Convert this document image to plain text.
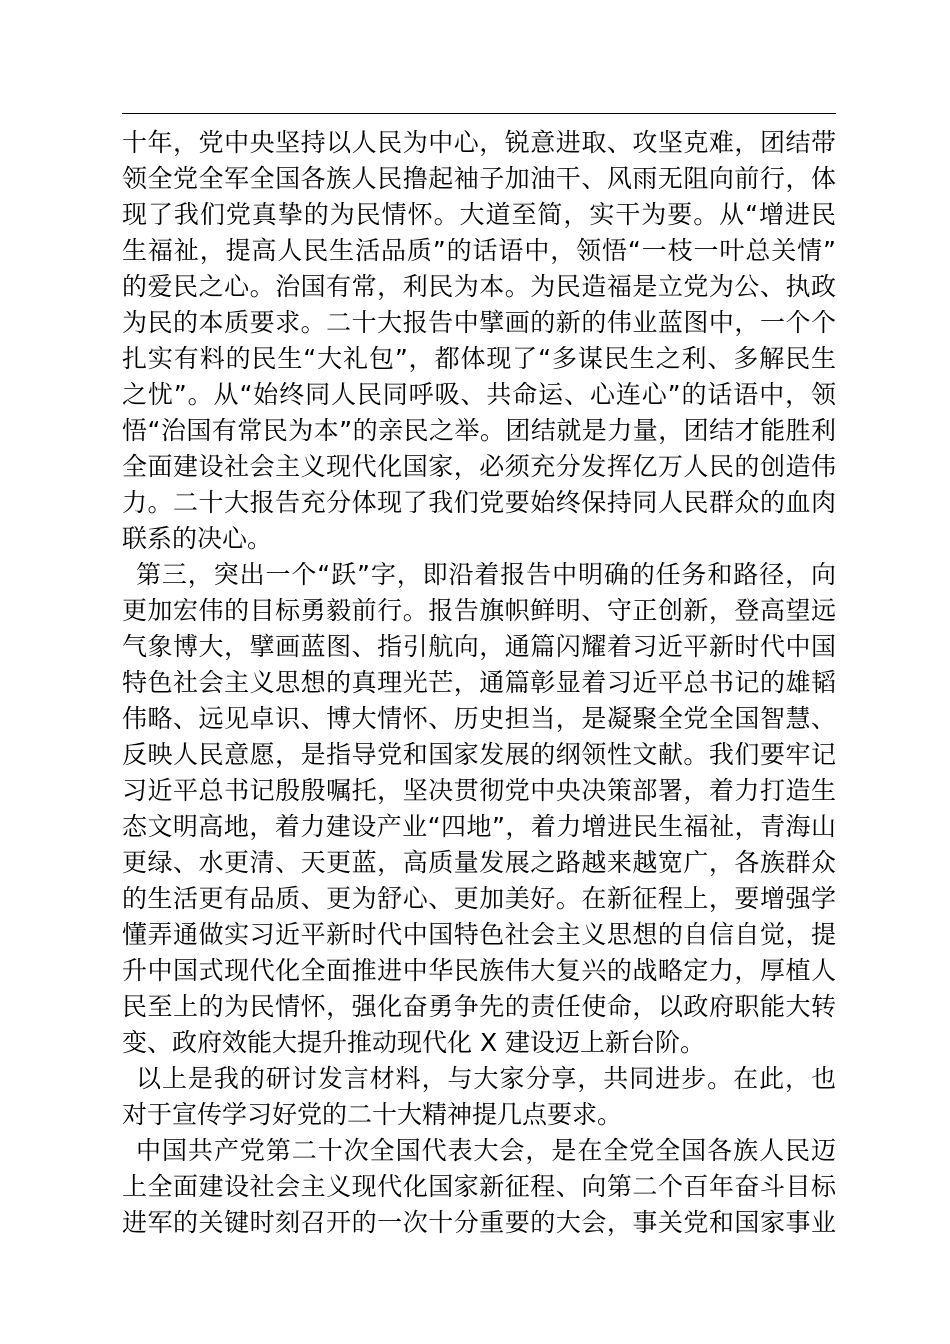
十年，党中央坚持以人民为中心，锐意进取、攻坚克难，团结带
领全党全军全国各族人民撸起袖子加油干、风雨无阻向前行，体
现了我们党真挚的为民情怀。大道至简，实干为要。从“增进民
生福祉，提高人民生活品质”的话语中，领悟“一枝一叶总关情”
的爱民之心。治国有常，利民为本。为民造福是立党为公、执政
为民的本质要求。二十大报告中擘画的新的伟业蓝图中，一个个
扎实有料的民生“大礼包”，都体现了“多谋民生之利、多解民生
之忧”。从“始终同人民同呼吸、共命运、心连心”的话语中，领
悟“治国有常民为本”的亲民之举。团结就是力量，团结才能胜利
全面建设社会主义现代化国家，必须充分发挥亿万人民的创造伟
力。二十大报告充分体现了我们党要始终保持同人民群众的血肉
联系的决心。
第三，突出一个“跃”字，即沿着报告中明确的任务和路径，向
更加宏伟的目标勇毅前行。报告旗帜鲜明、守正创新，登高望远
气象博大，擘画蓝图、指引航向，通篇闪耀着习近平新时代中国
特色社会主义思想的真理光芒，通篇彰显着习近平总书记的雄韬
伟略、远见卓识、博大情怀、历史担当，是凝聚全党全国智慧、
反映人民意愿，是指导党和国家发展的纲领性文献。我们要牢记
习近平总书记殷殷嘱托，坚决贯彻党中央决策部署，着力打造生
态文明高地，着力建设产业“四地”，着力增进民生福祉，青海山
更绿、水更清、天更蓝，高质量发展之路越来越宽广，各族群众
的生活更有品质、更为舒心、更加美好。在新征程上，要增强学
懂弄通做实习近平新时代中国特色社会主义思想的自信自觉，提
升中国式现代化全面推进中华民族伟大复兴的战略定力，厚植人
民至上的为民情怀，强化奋勇争先的责任使命，以政府职能大转
变、政府效能大提升推动现代化 X 建设迈上新台阶。
以上是我的研讨发言材料，与大家分享，共同进步。在此，也
对于宣传学习好党的二十大精神提几点要求。
中国共产党第二十次全国代表大会，是在全党全国各族人民迈
上全面建设社会主义现代化国家新征程、向第二个百年奋斗目标
进军的关键时刻召开的一次十分重要的大会，事关党和国家事业
